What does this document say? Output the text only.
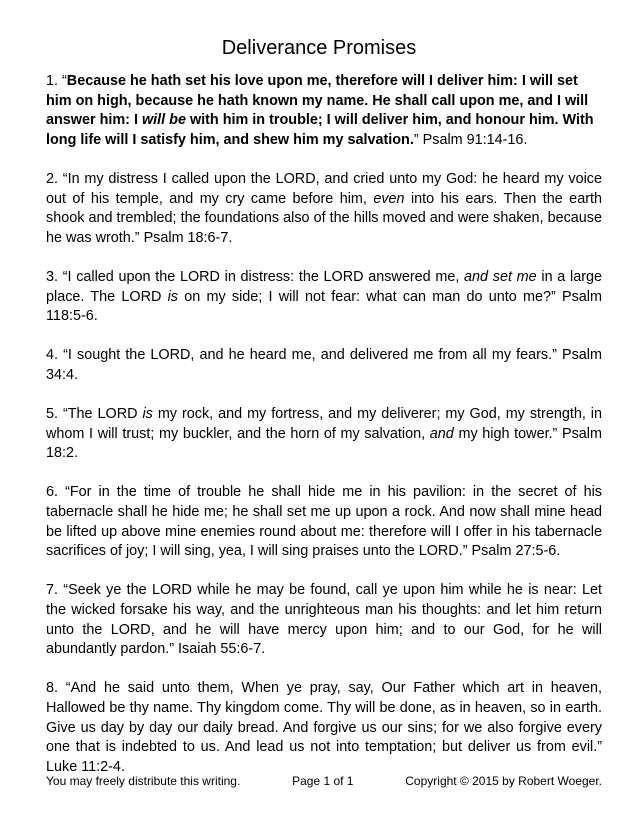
Deliverance Promises

1. “Because he hath set his love upon me, therefore will I deliver him: I will set him on high, because he hath known my name. He shall call upon me, and I will answer him: I will be with him in trouble; I will deliver him, and honour him. With long life will I satisfy him, and shew him my salvation.” Psalm 91:14-16.

2. “In my distress I called upon the LORD, and cried unto my God: he heard my voice out of his temple, and my cry came before him, even into his ears. Then the earth shook and trembled; the foundations also of the hills moved and were shaken, because he was wroth.” Psalm 18:6-7.

3. “I called upon the LORD in distress: the LORD answered me, and set me in a large place. The LORD is on my side; I will not fear: what can man do unto me?” Psalm 118:5-6.

4. “I sought the LORD, and he heard me, and delivered me from all my fears.” Psalm 34:4.

5. “The LORD is my rock, and my fortress, and my deliverer; my God, my strength, in whom I will trust; my buckler, and the horn of my salvation, and my high tower.” Psalm 18:2.

6. “For in the time of trouble he shall hide me in his pavilion: in the secret of his tabernacle shall he hide me; he shall set me up upon a rock. And now shall mine head be lifted up above mine enemies round about me: therefore will I offer in his tabernacle sacrifices of joy; I will sing, yea, I will sing praises unto the LORD.” Psalm 27:5-6.

7. “Seek ye the LORD while he may be found, call ye upon him while he is near: Let the wicked forsake his way, and the unrighteous man his thoughts: and let him return unto the LORD, and he will have mercy upon him; and to our God, for he will abundantly pardon.” Isaiah 55:6-7.

8. “And he said unto them, When ye pray, say, Our Father which art in heaven, Hallowed be thy name. Thy kingdom come. Thy will be done, as in heaven, so in earth. Give us day by day our daily bread. And forgive us our sins; for we also forgive every one that is indebted to us. And lead us not into temptation; but deliver us from evil.” Luke 11:2-4.

You may freely distribute this writing.	Page 1 of 1	Copyright © 2015 by Robert Woeger.
